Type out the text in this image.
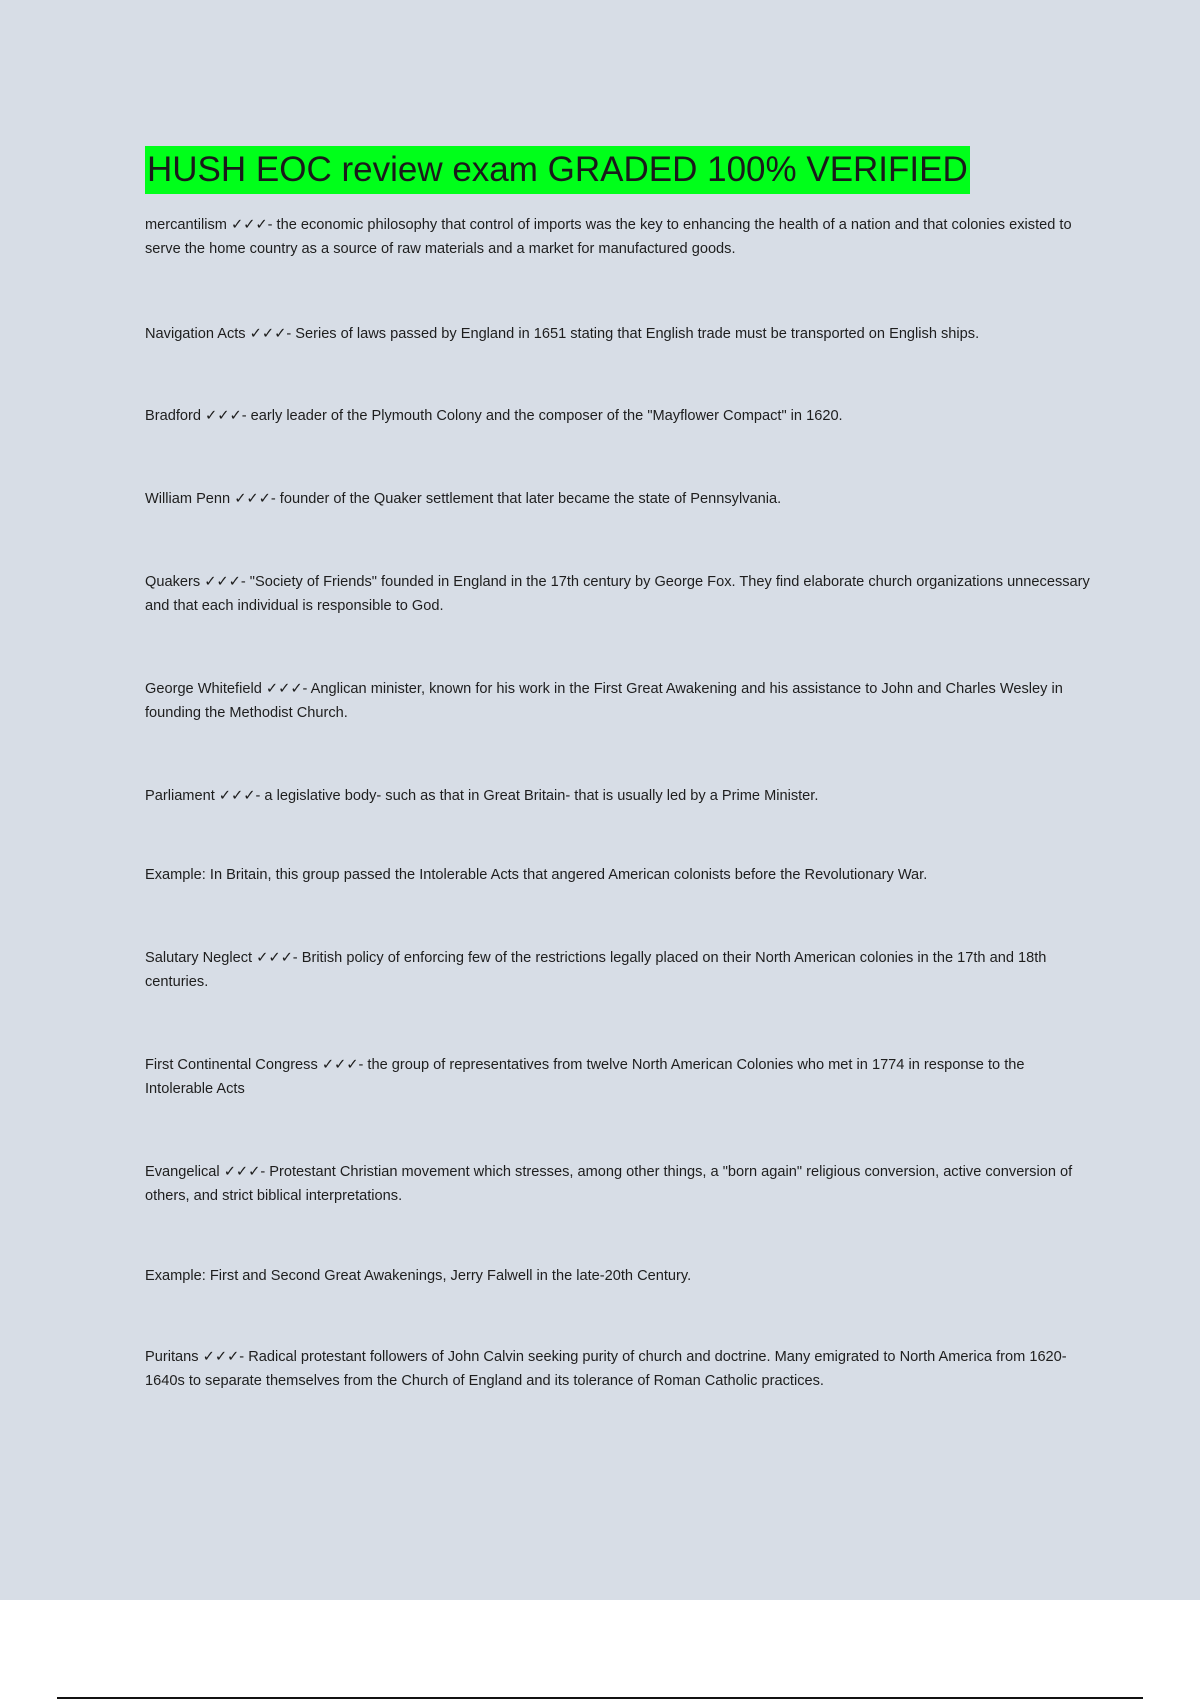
HUSH EOC review exam GRADED 100% VERIFIED
mercantilism ✓✓✓- the economic philosophy that control of imports was the key to enhancing the health of a nation and that colonies existed to serve the home country as a source of raw materials and a market for manufactured goods.
Navigation Acts ✓✓✓- Series of laws passed by England in 1651 stating that English trade must be transported on English ships.
Bradford ✓✓✓- early leader of the Plymouth Colony and the composer of the "Mayflower Compact" in 1620.
William Penn ✓✓✓- founder of the Quaker settlement that later became the state of Pennsylvania.
Quakers ✓✓✓- "Society of Friends" founded in England in the 17th century by George Fox. They find elaborate church organizations unnecessary and that each individual is responsible to God.
George Whitefield ✓✓✓- Anglican minister, known for his work in the First Great Awakening and his assistance to John and Charles Wesley in founding the Methodist Church.
Parliament ✓✓✓- a legislative body- such as that in Great Britain- that is usually led by a Prime Minister.
Example: In Britain, this group passed the Intolerable Acts that angered American colonists before the Revolutionary War.
Salutary Neglect ✓✓✓- British policy of enforcing few of the restrictions legally placed on their North American colonies in the 17th and 18th centuries.
First Continental Congress ✓✓✓- the group of representatives from twelve North American Colonies who met in 1774 in response to the Intolerable Acts
Evangelical ✓✓✓- Protestant Christian movement which stresses, among other things, a "born again" religious conversion, active conversion of others, and strict biblical interpretations.
Example: First and Second Great Awakenings, Jerry Falwell in the late-20th Century.
Puritans ✓✓✓- Radical protestant followers of John Calvin seeking purity of church and doctrine. Many emigrated to North America from 1620-1640s to separate themselves from the Church of England and its tolerance of Roman Catholic practices.
